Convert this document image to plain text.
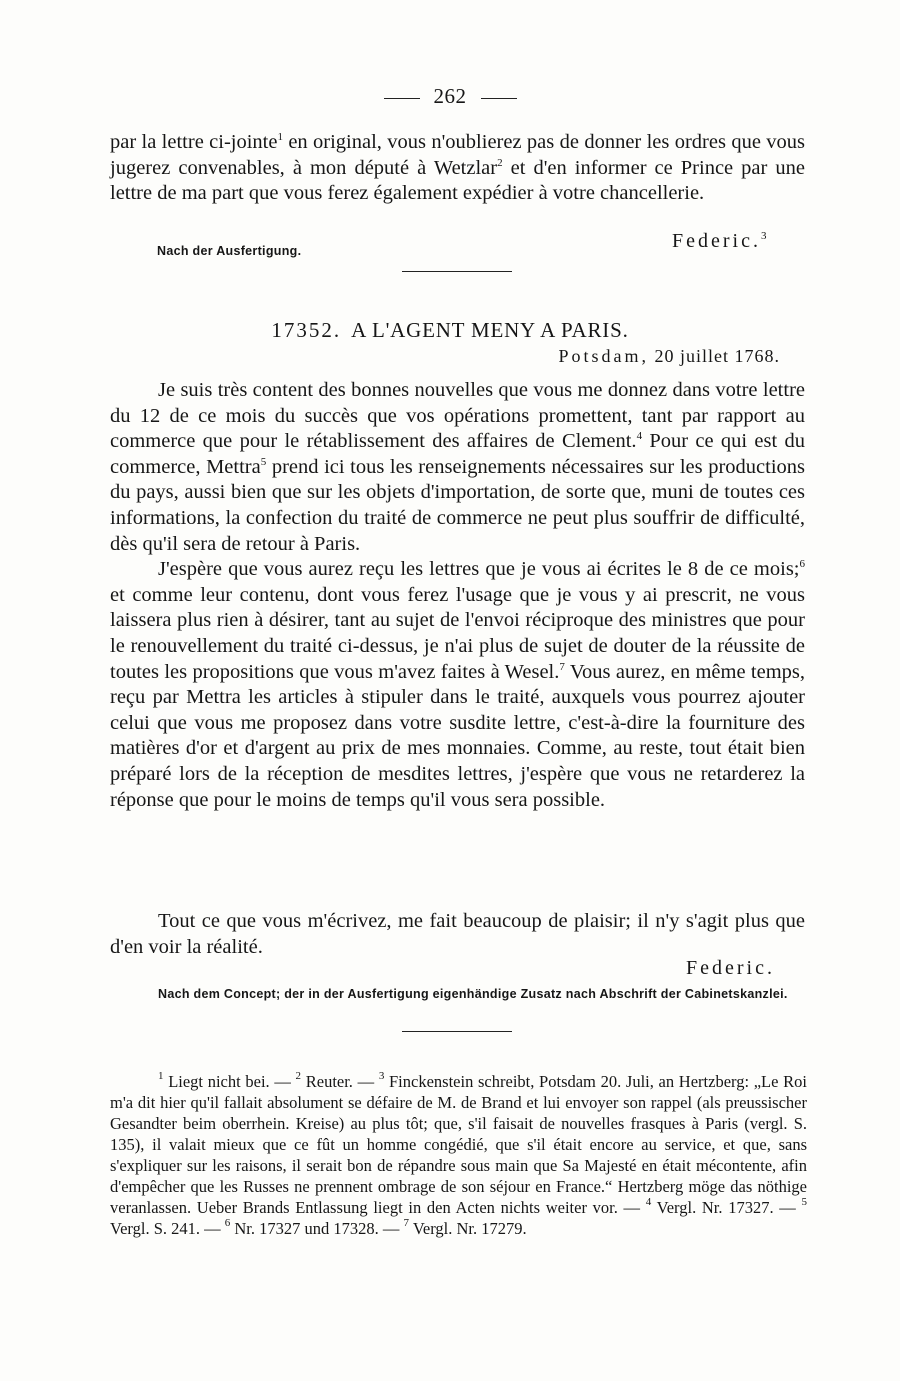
262

par la lettre ci-jointe$^1$ en original, vous n'oublierez pas de donner les ordres que vous jugerez convenables, à mon député à Wetzlar$^2$ et d'en informer ce Prince par une lettre de ma part que vous ferez également expédier à votre chancellerie.

Nach der Ausfertigung.	Federic.$^3$
17352. A L'AGENT MENY A PARIS.
Potsdam, 20 juillet 1768.

Je suis très content des bonnes nouvelles que vous me donnez dans votre lettre du 12 de ce mois du succès que vos opérations promettent, tant par rapport au commerce que pour le rétablissement des affaires de Clement.$^4$ Pour ce qui est du commerce, Mettra$^5$ prend ici tous les renseignements nécessaires sur les productions du pays, aussi bien que sur les objets d'importation, de sorte que, muni de toutes ces informations, la confection du traité de commerce ne peut plus souffrir de difficulté, dès qu'il sera de retour à Paris.

J'espère que vous aurez reçu les lettres que je vous ai écrites le 8 de ce mois;$^6$ et comme leur contenu, dont vous ferez l'usage que je vous y ai prescrit, ne vous laissera plus rien à désirer, tant au sujet de l'envoi réciproque des ministres que pour le renouvellement du traité ci-dessus, je n'ai plus de sujet de douter de la réussite de toutes les propositions que vous m'avez faites à Wesel.$^7$ Vous aurez, en même temps, reçu par Mettra les articles à stipuler dans le traité, auxquels vous pourrez ajouter celui que vous me proposez dans votre susdite lettre, c'est-à-dire la fourniture des matières d'or et d'argent au prix de mes monnaies. Comme, au reste, tout était bien préparé lors de la réception de mesdites lettres, j'espère que vous ne retarderez la réponse que pour le moins de temps qu'il vous sera possible.

Tout ce que vous m'écrivez, me fait beaucoup de plaisir; il n'y s'agit plus que d'en voir la réalité.

Federic.
Nach dem Concept; der in der Ausfertigung eigenhändige Zusatz nach Abschrift der Cabinetskanzlei.

$^1$ Liegt nicht bei. — $^2$ Reuter. — $^3$ Finckenstein schreibt, Potsdam 20. Juli, an Hertzberg: „Le Roi m'a dit hier qu'il fallait absolument se défaire de M. de Brand et lui envoyer son rappel (als preussischer Gesandter beim oberrhein. Kreise) au plus tôt; que, s'il faisait de nouvelles frasques à Paris (vergl. S. 135), il valait mieux que ce fût un homme congédié, que s'il était encore au service, et que, sans s'expliquer sur les raisons, il serait bon de répandre sous main que Sa Majesté en était mécontente, afin d'empêcher que les Russes ne prennent ombrage de son séjour en France.“ Hertzberg möge das nöthige veranlassen. Ueber Brands Entlassung liegt in den Acten nichts weiter vor. — $^4$ Vergl. Nr. 17327. — $^5$ Vergl. S. 241. — $^6$ Nr. 17327 und 17328. — $^7$ Vergl. Nr. 17279.
